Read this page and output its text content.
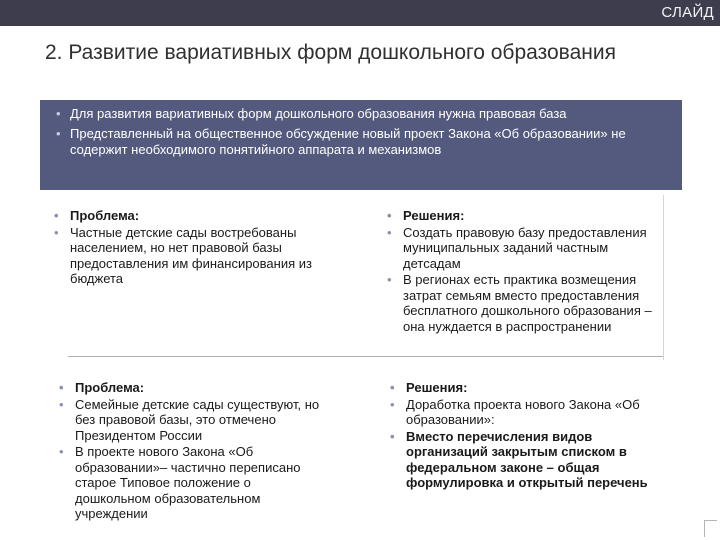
СЛАЙД
2. Развитие вариативных форм дошкольного образования
• Для развития вариативных форм дошкольного образования нужна правовая база
• Представленный на общественное обсуждение новый проект Закона «Об образовании» не содержит необходимого понятийного аппарата и механизмов
• Проблема:
• Частные детские сады востребованы населением, но нет правовой базы предоставления им финансирования из бюджета
• Решения:
• Создать правовую базу предоставления муниципальных заданий частным детсадам
• В регионах есть практика возмещения затрат семьям вместо предоставления бесплатного дошкольного образования – она нуждается в распространении
• Проблема:
• Семейные детские сады существуют, но без правовой базы, это отмечено Президентом России
• В проекте нового Закона «Об образовании»– частично переписано старое Типовое положение о дошкольном образовательном учреждении
• Решения:
• Доработка проекта нового Закона «Об образовании»:
• Вместо перечисления видов организаций закрытым списком в федеральном законе – общая формулировка и открытый перечень
